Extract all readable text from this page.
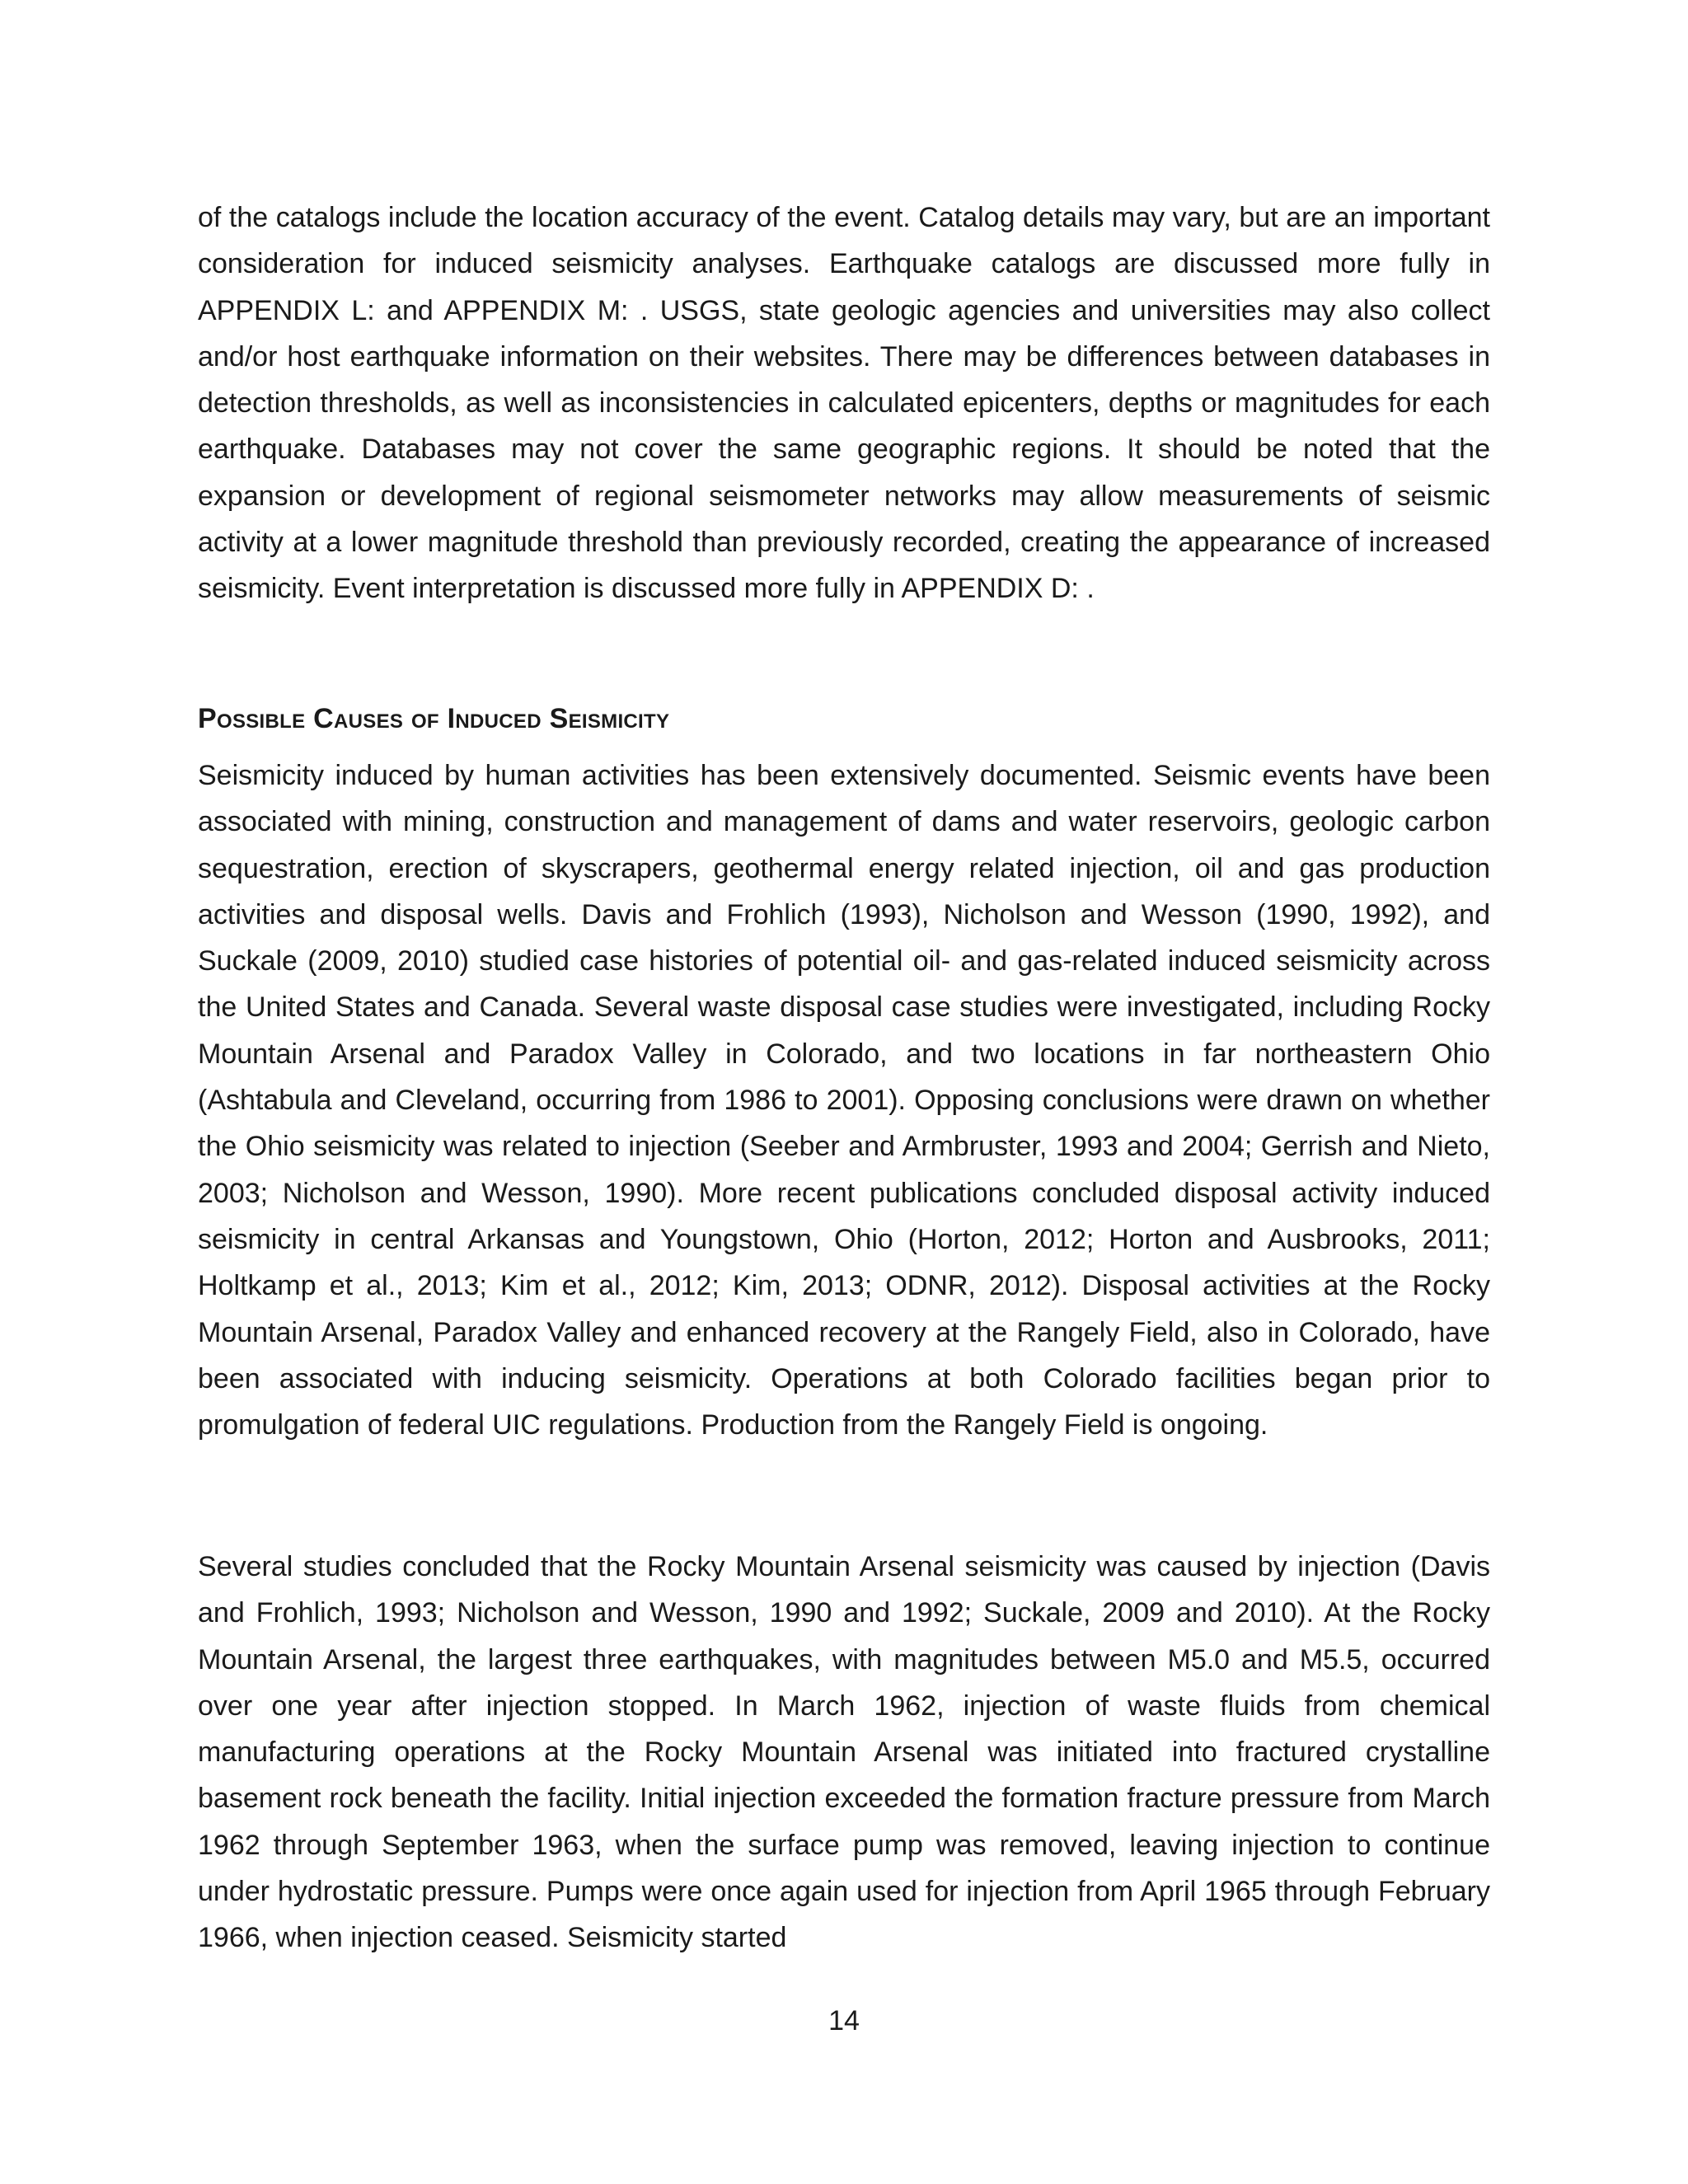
of the catalogs include the location accuracy of the event. Catalog details may vary, but are an important consideration for induced seismicity analyses. Earthquake catalogs are discussed more fully in APPENDIX L: and APPENDIX M: . USGS, state geologic agencies and universities may also collect and/or host earthquake information on their websites. There may be differences between databases in detection thresholds, as well as inconsistencies in calculated epicenters, depths or magnitudes for each earthquake. Databases may not cover the same geographic regions. It should be noted that the expansion or development of regional seismometer networks may allow measurements of seismic activity at a lower magnitude threshold than previously recorded, creating the appearance of increased seismicity. Event interpretation is discussed more fully in APPENDIX D: .

Possible Causes of Induced Seismicity

Seismicity induced by human activities has been extensively documented. Seismic events have been associated with mining, construction and management of dams and water reservoirs, geologic carbon sequestration, erection of skyscrapers, geothermal energy related injection, oil and gas production activities and disposal wells. Davis and Frohlich (1993), Nicholson and Wesson (1990, 1992), and Suckale (2009, 2010) studied case histories of potential oil- and gas-related induced seismicity across the United States and Canada. Several waste disposal case studies were investigated, including Rocky Mountain Arsenal and Paradox Valley in Colorado, and two locations in far northeastern Ohio (Ashtabula and Cleveland, occurring from 1986 to 2001). Opposing conclusions were drawn on whether the Ohio seismicity was related to injection (Seeber and Armbruster, 1993 and 2004; Gerrish and Nieto, 2003; Nicholson and Wesson, 1990). More recent publications concluded disposal activity induced seismicity in central Arkansas and Youngstown, Ohio (Horton, 2012; Horton and Ausbrooks, 2011; Holtkamp et al., 2013; Kim et al., 2012; Kim, 2013; ODNR, 2012). Disposal activities at the Rocky Mountain Arsenal, Paradox Valley and enhanced recovery at the Rangely Field, also in Colorado, have been associated with inducing seismicity. Operations at both Colorado facilities began prior to promulgation of federal UIC regulations. Production from the Rangely Field is ongoing.

Several studies concluded that the Rocky Mountain Arsenal seismicity was caused by injection (Davis and Frohlich, 1993; Nicholson and Wesson, 1990 and 1992; Suckale, 2009 and 2010). At the Rocky Mountain Arsenal, the largest three earthquakes, with magnitudes between M5.0 and M5.5, occurred over one year after injection stopped. In March 1962, injection of waste fluids from chemical manufacturing operations at the Rocky Mountain Arsenal was initiated into fractured crystalline basement rock beneath the facility. Initial injection exceeded the formation fracture pressure from March 1962 through September 1963, when the surface pump was removed, leaving injection to continue under hydrostatic pressure. Pumps were once again used for injection from April 1965 through February 1966, when injection ceased. Seismicity started

14
